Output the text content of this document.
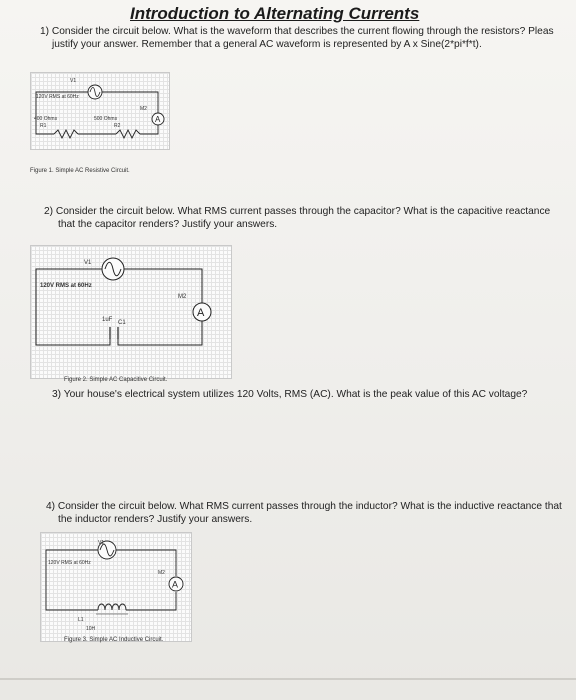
Introduction to Alternating Currents
1) Consider the circuit below. What is the waveform that describes the current flowing through the resistors? Pleas
justify your answer. Remember that a general AC waveform is represented by A x Sine(2*pi*f*t).
A
V1
120V RMS at 60Hz
400 Ohms
R1
500 Ohms
R2
M2
Figure 1. Simple AC Resistive Circuit.
2) Consider the circuit below. What RMS current passes through the capacitor? What is the capacitive reactance
that the capacitor renders? Justify your answers.
A
V1
120V RMS at 60Hz
1uF C1
M2
Figure 2. Simple AC Capacitive Circuit.
3) Your house's electrical system utilizes 120 Volts, RMS (AC). What is the peak value of this AC voltage?
4) Consider the circuit below. What RMS current passes through the inductor? What is the inductive reactance that
the inductor renders? Justify your answers.
A
V1
120V RMS at 60Hz
M2
L1
10H
Figure 3. Simple AC Inductive Circuit.
